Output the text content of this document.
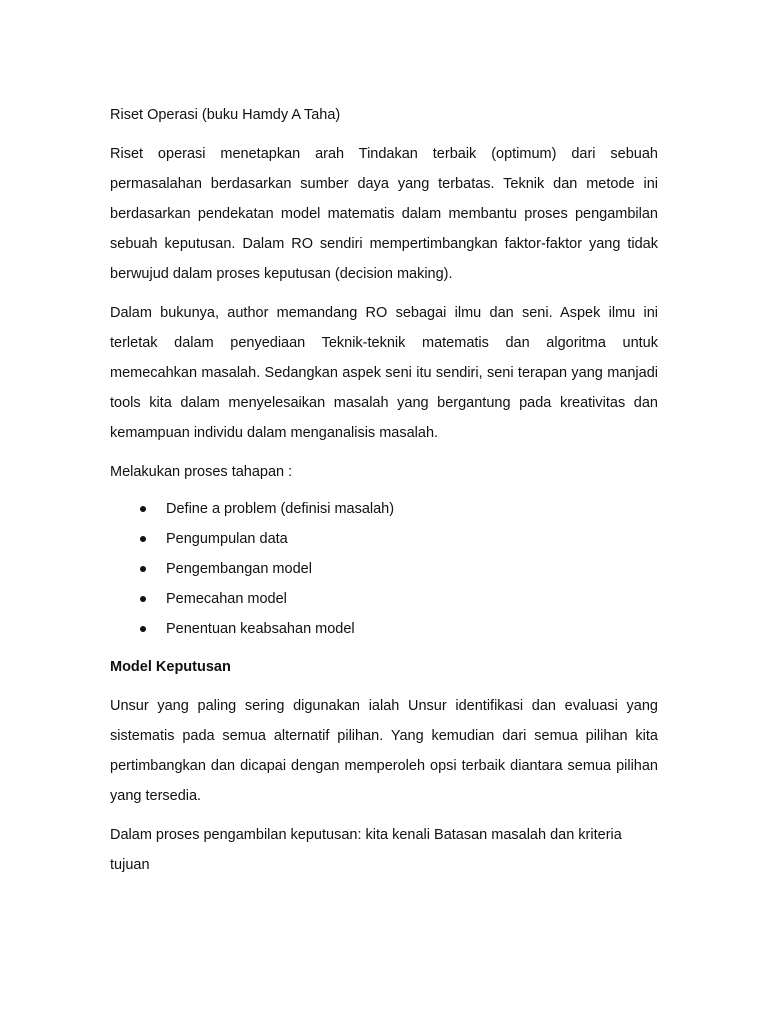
Riset Operasi (buku Hamdy A Taha)

Riset operasi menetapkan arah Tindakan terbaik (optimum) dari sebuah permasalahan berdasarkan sumber daya yang terbatas. Teknik dan metode ini berdasarkan pendekatan model matematis dalam membantu proses pengambilan sebuah keputusan. Dalam RO sendiri mempertimbangkan faktor-faktor yang tidak berwujud dalam proses keputusan (decision making).

Dalam bukunya, author memandang RO sebagai ilmu dan seni. Aspek ilmu ini terletak dalam penyediaan Teknik-teknik matematis dan algoritma untuk memecahkan masalah. Sedangkan aspek seni itu sendiri, seni terapan yang manjadi tools kita dalam menyelesaikan masalah yang bergantung pada kreativitas dan kemampuan individu dalam menganalisis masalah.

Melakukan proses tahapan :

Define a problem (definisi masalah)
Pengumpulan data
Pengembangan model
Pemecahan model
Penentuan keabsahan model

Model Keputusan

Unsur yang paling sering digunakan ialah Unsur identifikasi dan evaluasi yang sistematis pada semua alternatif pilihan. Yang kemudian dari semua pilihan kita pertimbangkan dan dicapai dengan memperoleh opsi terbaik diantara semua pilihan yang tersedia.

Dalam proses pengambilan keputusan: kita kenali Batasan masalah dan kriteria tujuan
